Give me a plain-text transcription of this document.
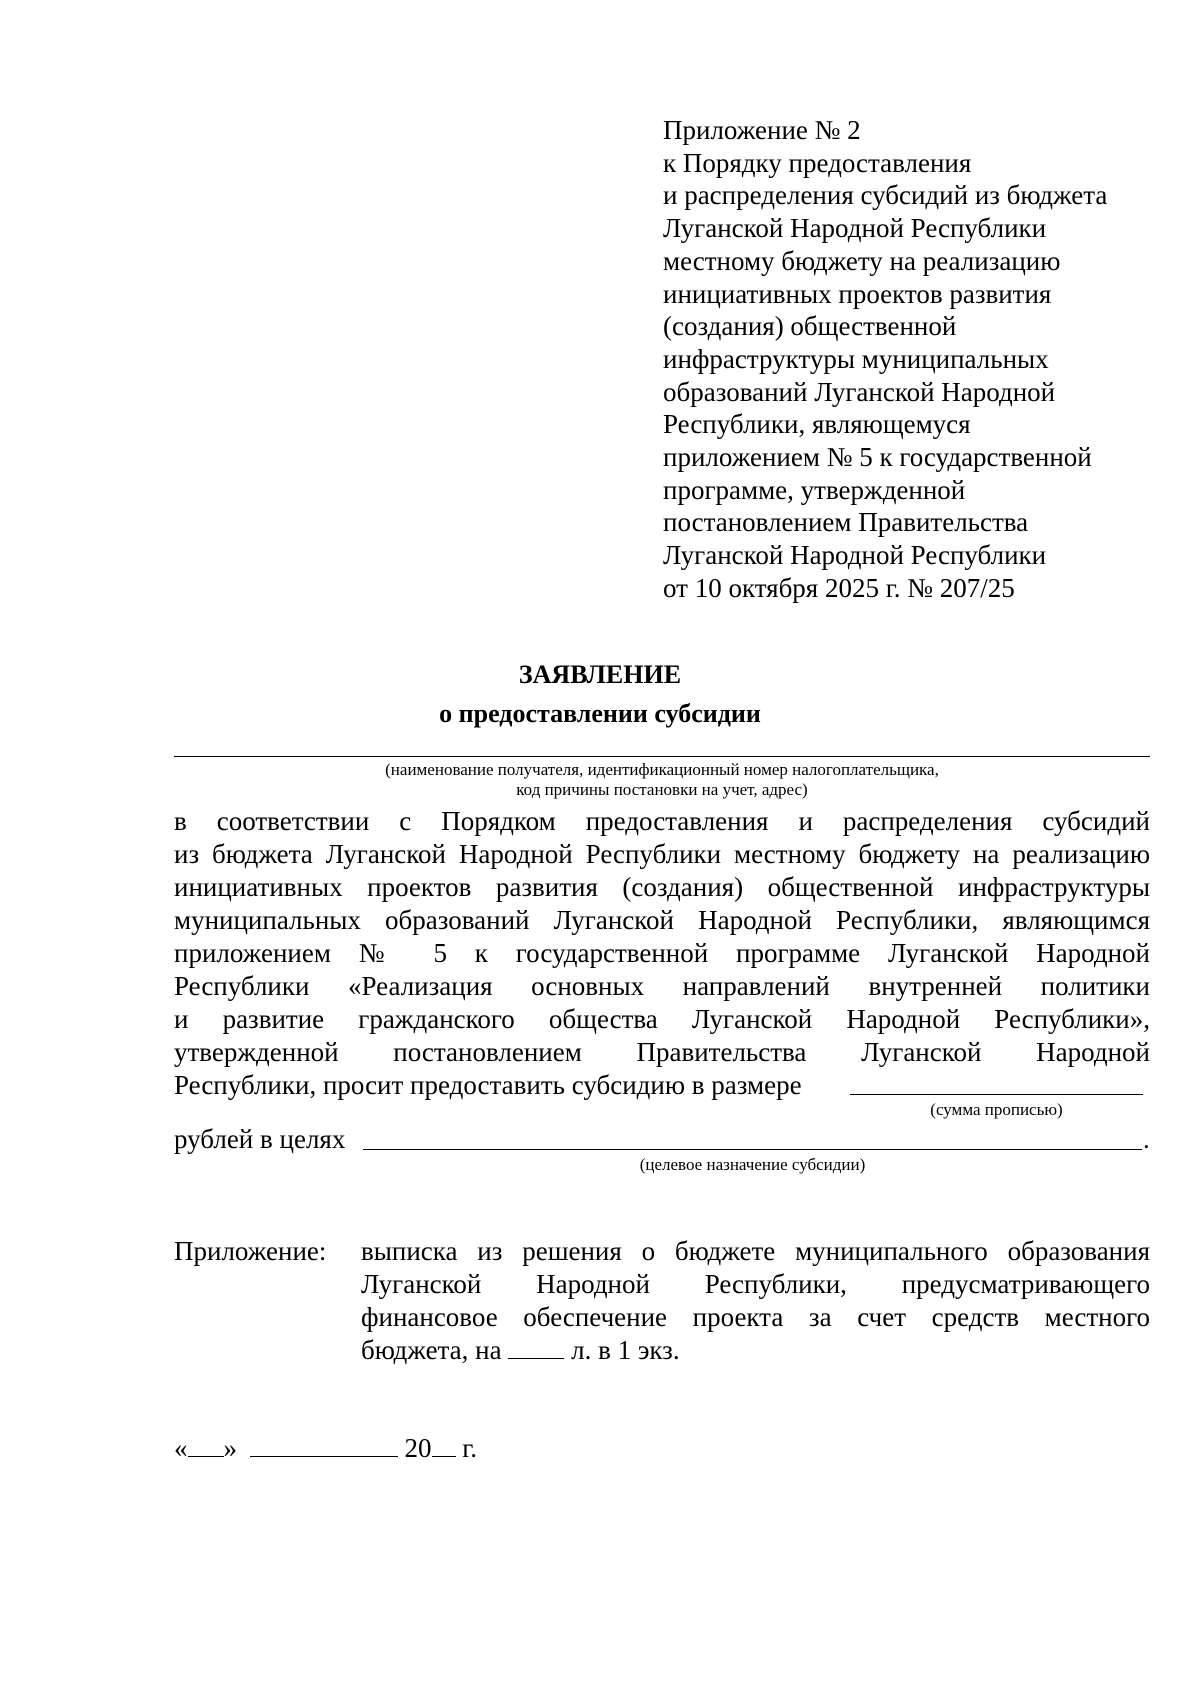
Приложение № 2
к Порядку предоставления
и распределения субсидий из бюджета
Луганской Народной Республики
местному бюджету на реализацию
инициативных проектов развития
(создания) общественной
инфраструктуры муниципальных
образований Луганской Народной
Республики, являющемуся
приложением № 5 к государственной
программе, утвержденной
постановлением Правительства
Луганской Народной Республики
от 10 октября 2025 г. № 207/25
ЗАЯВЛЕНИЕ
о предоставлении субсидии
(наименование получателя, идентификационный номер налогоплательщика,
код причины постановки на учет, адрес)
в соответствии с Порядком предоставления и распределения субсидий
из бюджета Луганской Народной Республики местному бюджету на реализацию
инициативных проектов развития (создания) общественной инфраструктуры
муниципальных образований Луганской Народной Республики, являющимся
приложением № 5 к государственной программе Луганской Народной
Республики «Реализация основных направлений внутренней политики
и развитие гражданского общества Луганской Народной Республики»,
утвержденной постановлением Правительства Луганской Народной
Республики, просит предоставить субсидию в размере
(сумма прописью)
рублей в целях	.
(целевое назначение субсидии)
Приложение: выписка из решения о бюджете муниципального образования
Луганской Народной Республики, предусматривающего
финансовое обеспечение проекта за счет средств местного
бюджета, на	л. в 1 экз.
« »	20 г.
